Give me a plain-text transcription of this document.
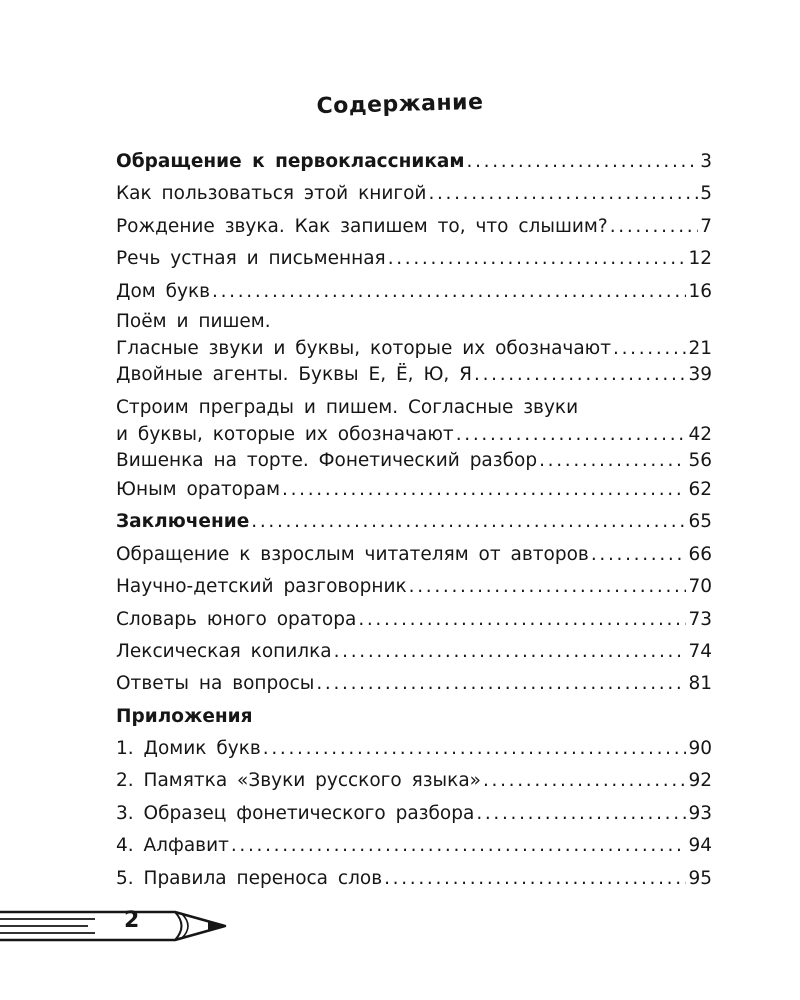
Содержание
Обращение к первоклассникам . . .	3
Как пользоваться этой книгой . . .	5
Рождение звука. Как запишем то, что слышим? . . .	7
Речь устная и письменная . . .	12
Дом букв . . .	16
Поём и пишем.
Гласные звуки и буквы, которые их обозначают . . .	21
Двойные агенты. Буквы Е, Ё, Ю, Я . . .	39
Строим преграды и пишем. Согласные звуки
и буквы, которые их обозначают . . .	42
Вишенка на торте. Фонетический разбор . . .	56
Юным ораторам . . .	62
Заключение . . .	65
Обращение к взрослым читателям от авторов . . .	66
Научно-детский разговорник . . .	70
Словарь юного оратора . . .	73
Лексическая копилка . . .	74
Ответы на вопросы . . .	81
Приложения
1. Домик букв . . .	90
2. Памятка «Звуки русского языка» . . .	92
3. Образец фонетического разбора . . .	93
4. Алфавит . . .	94
5. Правила переноса слов . . .	95
2
